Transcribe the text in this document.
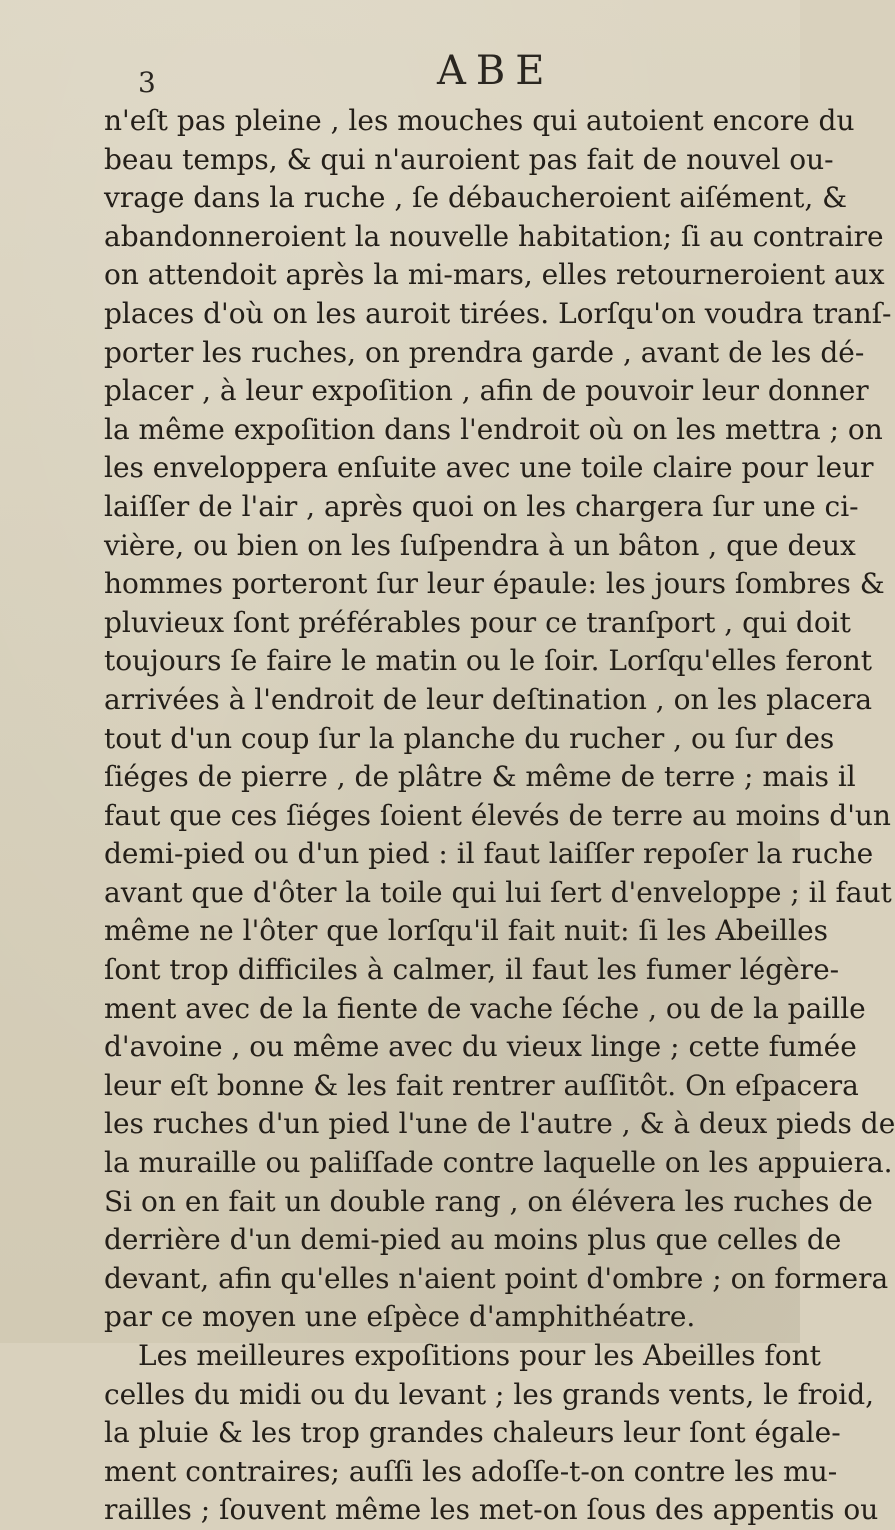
3	ABE
n'eſt pas pleine , les mouches qui autoient encore du
beau temps, & qui n'auroient pas fait de nouvel ou-
vrage dans la ruche , ſe débaucheroient aiſément, &
abandonneroient la nouvelle habitation; ſi au contraire
on attendoit après la mi-mars, elles retourneroient aux
places d'où on les auroit tirées. Lorſqu'on voudra tranſ-
porter les ruches, on prendra garde , avant de les dé-
placer , à leur expoſition , afin de pouvoir leur donner
la même expoſition dans l'endroit où on les mettra ; on
les enveloppera enſuite avec une toile claire pour leur
laiſſer de l'air , après quoi on les chargera ſur une ci-
vière, ou bien on les ſuſpendra à un bâton , que deux
hommes porteront ſur leur épaule: les jours ſombres &
pluvieux ſont préférables pour ce tranſport , qui doit
toujours ſe faire le matin ou le ſoir. Lorſqu'elles feront
arrivées à l'endroit de leur deſtination , on les placera
tout d'un coup ſur la planche du rucher , ou ſur des
ſiéges de pierre , de plâtre & même de terre ; mais il
faut que ces ſiéges ſoient élevés de terre au moins d'un
demi-pied ou d'un pied : il faut laiſſer repoſer la ruche
avant que d'ôter la toile qui lui ſert d'enveloppe ; il faut
même ne l'ôter que lorſqu'il fait nuit: ſi les Abeilles
ſont trop difficiles à calmer, il faut les fumer légère-
ment avec de la fiente de vache ſéche , ou de la paille
d'avoine , ou même avec du vieux linge ; cette fumée
leur eſt bonne & les fait rentrer auſſitôt. On eſpacera
les ruches d'un pied l'une de l'autre , & à deux pieds de
la muraille ou paliſſade contre laquelle on les appuiera.
Si on en fait un double rang , on élévera les ruches de
derrière d'un demi-pied au moins plus que celles de
devant, afin qu'elles n'aient point d'ombre ; on formera
par ce moyen une eſpèce d'amphithéatre.
Les meilleures expoſitions pour les Abeilles font
celles du midi ou du levant ; les grands vents, le froid,
la pluie & les trop grandes chaleurs leur ſont égale-
ment contraires; auſſi les adoſſe-t-on contre les mu-
railles ; ſouvent même les met-on ſous des appentis ou
